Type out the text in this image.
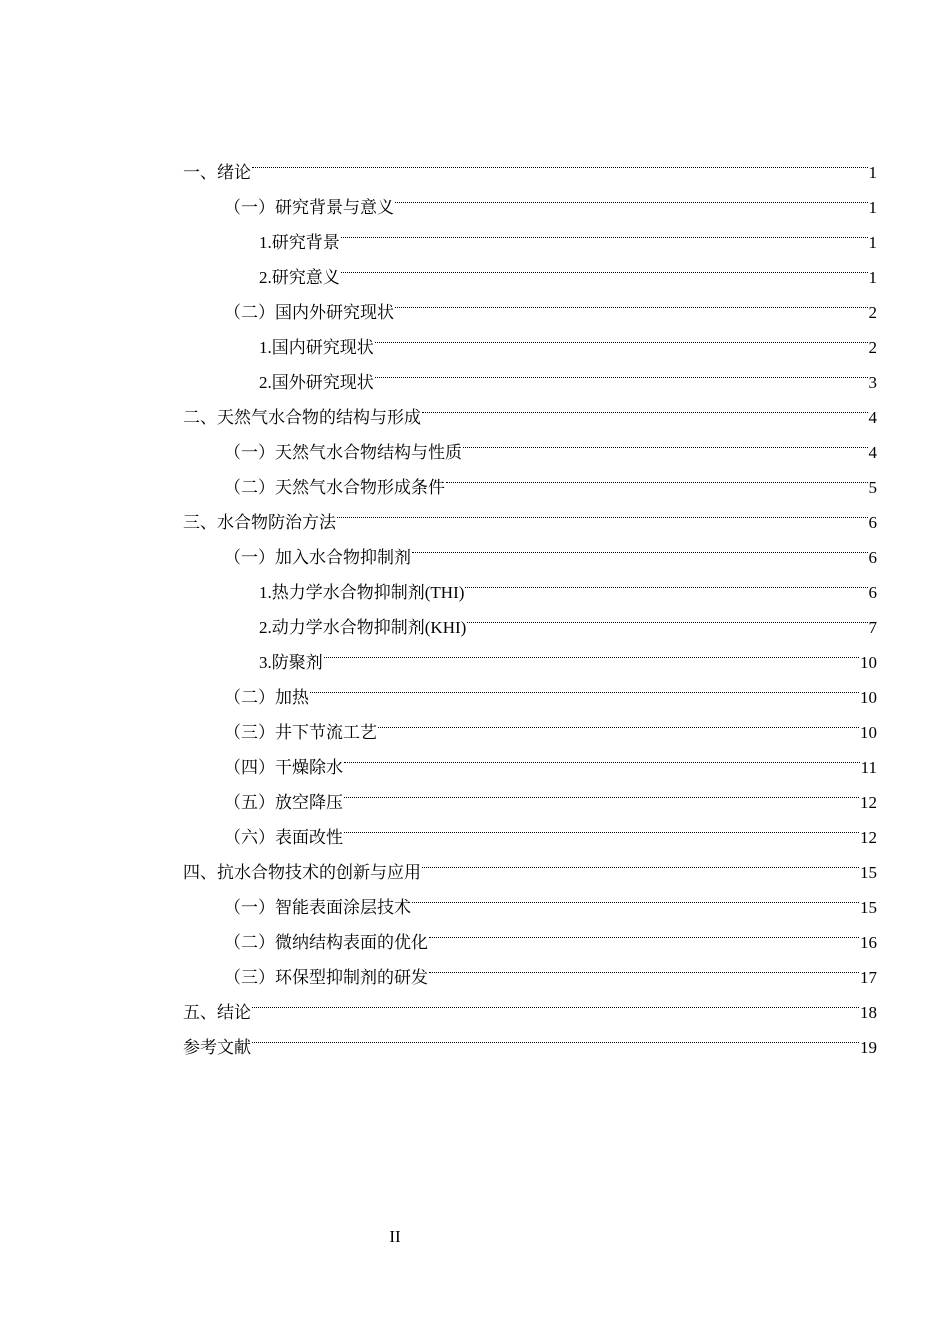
一、绪论	1
（一）研究背景与意义	1
1.研究背景	1
2.研究意义	1
（二）国内外研究现状	2
1.国内研究现状	2
2.国外研究现状	3
二、天然气水合物的结构与形成	4
（一）天然气水合物结构与性质	4
（二）天然气水合物形成条件	5
三、水合物防治方法	6
（一）加入水合物抑制剂	6
1.热力学水合物抑制剂(THI)	6
2.动力学水合物抑制剂(KHI)	7
3.防聚剂	10
（二）加热	10
（三）井下节流工艺	10
（四）干燥除水	11
（五）放空降压	12
（六）表面改性	12
四、抗水合物技术的创新与应用	15
（一）智能表面涂层技术	15
（二）微纳结构表面的优化	16
（三）环保型抑制剂的研发	17
五、结论	18
参考文献	19
II
